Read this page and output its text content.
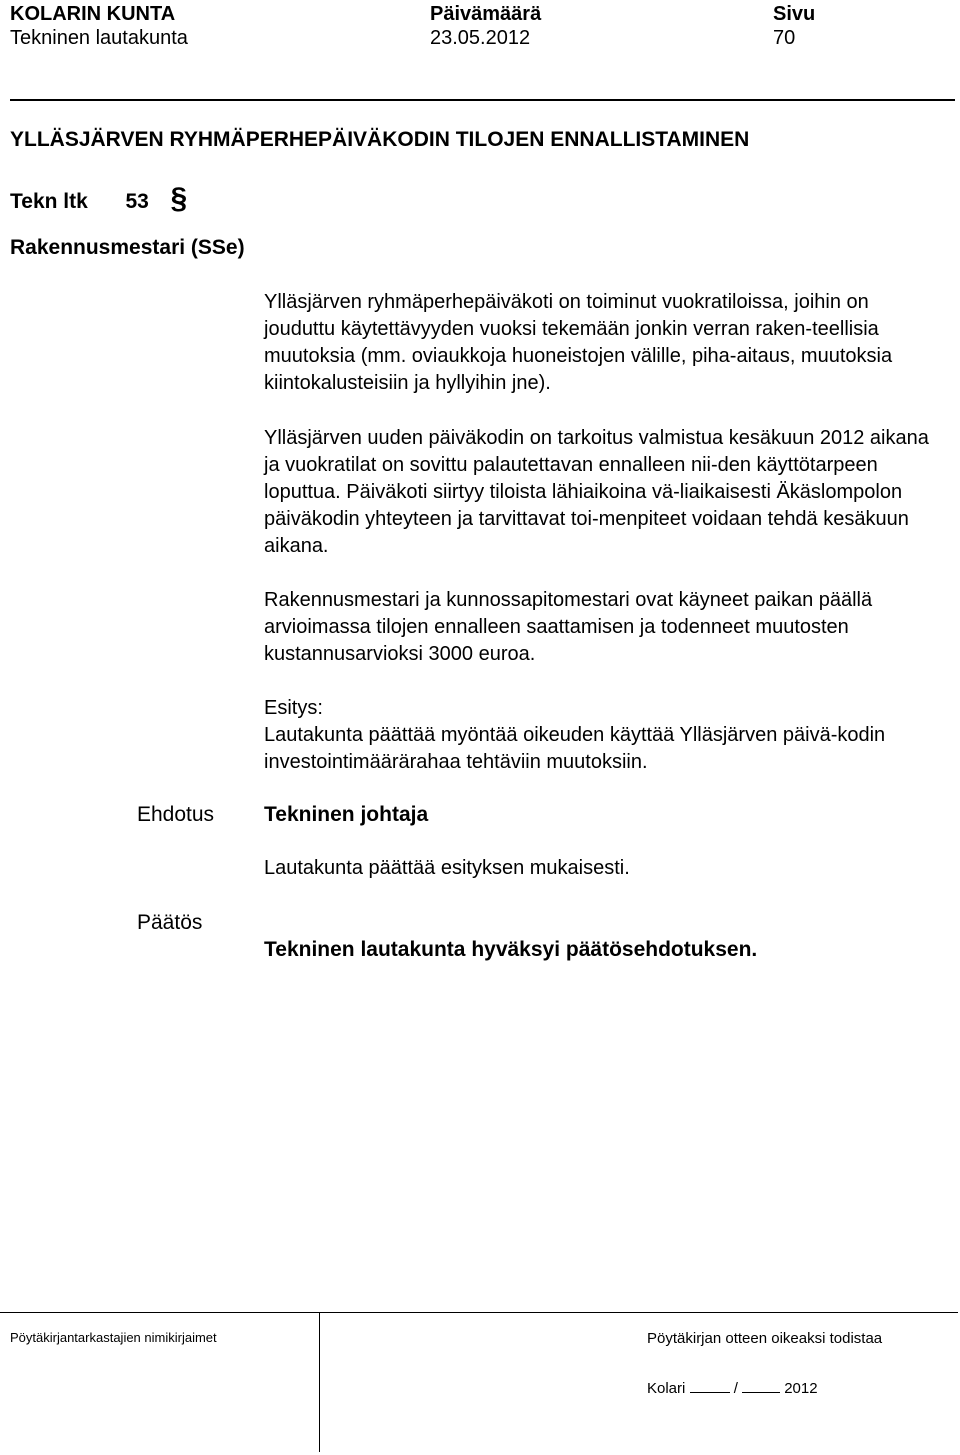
KOLARIN KUNTA
Tekninen lautakunta
Päivämäärä
23.05.2012
Sivu
70
YLLÄSJÄRVEN RYHMÄPERHEPÄIVÄKODIN TILOJEN ENNALLISTAMINEN
Tekn ltk 53 §
Rakennusmestari (SSe)

Ylläsjärven ryhmäperhepäiväkoti on toiminut vuokratiloissa, joihin on jouduttu käytettävyyden vuoksi tekemään jonkin verran raken-teellisia muutoksia (mm. oviaukkoja huoneistojen välille, piha-aitaus, muutoksia kiintokalusteisiin ja hyllyihin jne).

Ylläsjärven uuden päiväkodin on tarkoitus valmistua kesäkuun 2012 aikana ja vuokratilat on sovittu palautettavan ennalleen nii-den käyttötarpeen loputtua. Päiväkoti siirtyy tiloista lähiaikoina vä-liaikaisesti Äkäslompolon päiväkodin yhteyteen ja tarvittavat toi-menpiteet voidaan tehdä kesäkuun aikana.

Rakennusmestari ja kunnossapitomestari ovat käyneet paikan päällä arvioimassa tilojen ennalleen saattamisen ja todenneet muutosten kustannusarvioksi 3000 euroa.

Esitys:

Lautakunta päättää myöntää oikeuden käyttää Ylläsjärven päivä-kodin investointimäärärahaa tehtäviin muutoksiin.

Ehdotus Tekninen johtaja
Lautakunta päättää esityksen mukaisesti.
Päätös
Tekninen lautakunta hyväksyi päätösehdotuksen.
Pöytäkirjantarkastajien nimikirjaimet	Pöytäkirjan otteen oikeaksi todistaa
Kolari	/	2012
